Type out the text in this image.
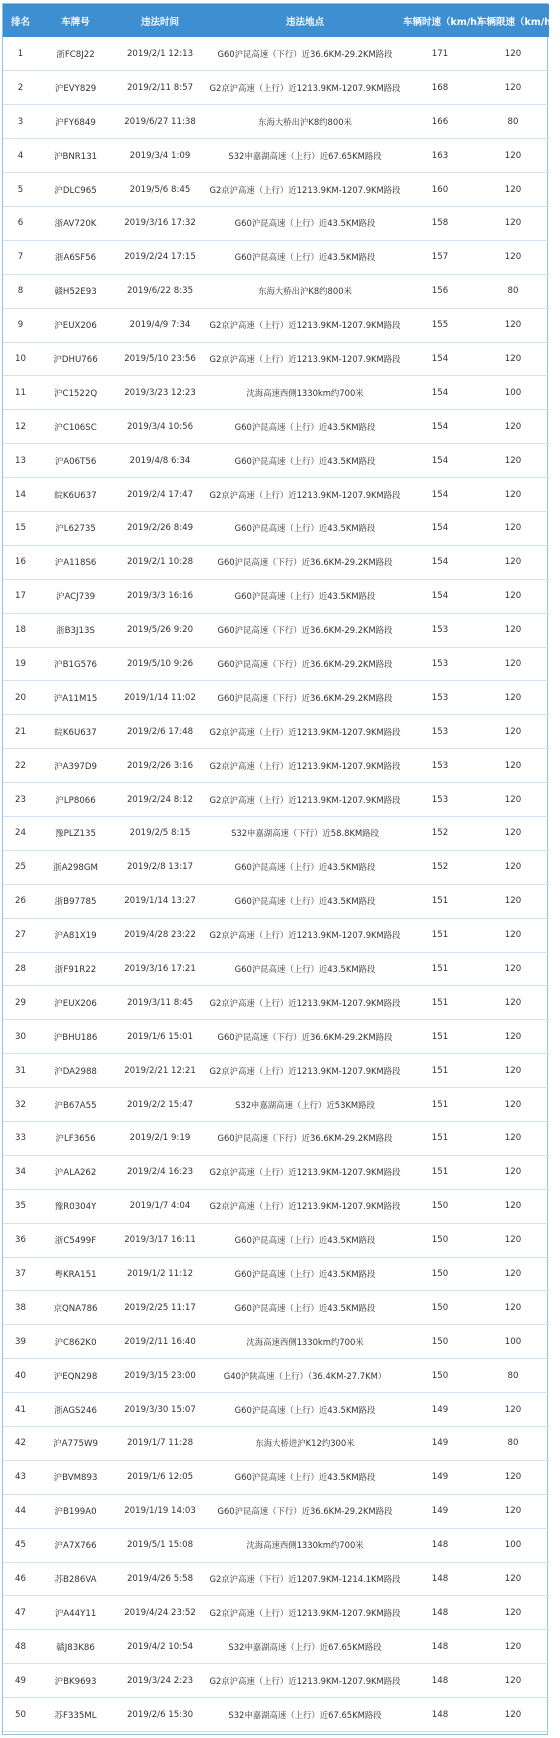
排名	车牌号	违法时间	违法地点	车辆时速（km/h）	车辆限速（km/h）
1	浙FC8J22	2019/2/1 12:13	G60沪昆高速（下行）近36.6KM-29.2KM路段	171	120
2	沪EVY829	2019/2/11 8:57	G2京沪高速（上行）近1213.9KM-1207.9KM路段	168	120
3	沪FY6849	2019/6/27 11:38	东海大桥出沪K8约800米	166	80
4	沪BNR131	2019/3/4 1:09	S32申嘉湖高速（上行）近67.65KM路段	163	120
5	沪DLC965	2019/5/6 8:45	G2京沪高速（上行）近1213.9KM-1207.9KM路段	160	120
6	浙AV720K	2019/3/16 17:32	G60沪昆高速（上行）近43.5KM路段	158	120
7	浙A6SF56	2019/2/24 17:15	G60沪昆高速（上行）近43.5KM路段	157	120
8	赣H52E93	2019/6/22 8:35	东海大桥出沪K8约800米	156	80
9	沪EUX206	2019/4/9 7:34	G2京沪高速（上行）近1213.9KM-1207.9KM路段	155	120
10	沪DHU766	2019/5/10 23:56	G2京沪高速（上行）近1213.9KM-1207.9KM路段	154	120
11	沪C1522Q	2019/3/23 12:23	沈海高速西侧1330km约700米	154	100
12	沪C106SC	2019/3/4 10:56	G60沪昆高速（上行）近43.5KM路段	154	120
13	沪A06T56	2019/4/8 6:34	G60沪昆高速（上行）近43.5KM路段	154	120
14	皖K6U637	2019/2/4 17:47	G2京沪高速（上行）近1213.9KM-1207.9KM路段	154	120
15	沪L62735	2019/2/26 8:49	G60沪昆高速（上行）近43.5KM路段	154	120
16	沪A118S6	2019/2/1 10:28	G60沪昆高速（下行）近36.6KM-29.2KM路段	154	120
17	沪ACJ739	2019/3/3 16:16	G60沪昆高速（上行）近43.5KM路段	154	120
18	浙B3J13S	2019/5/26 9:20	G60沪昆高速（下行）近36.6KM-29.2KM路段	153	120
19	沪B1G576	2019/5/10 9:26	G60沪昆高速（下行）近36.6KM-29.2KM路段	153	120
20	沪A11M15	2019/1/14 11:02	G60沪昆高速（下行）近36.6KM-29.2KM路段	153	120
21	皖K6U637	2019/2/6 17:48	G2京沪高速（上行）近1213.9KM-1207.9KM路段	153	120
22	沪A397D9	2019/2/26 3:16	G2京沪高速（上行）近1213.9KM-1207.9KM路段	153	120
23	沪LP8066	2019/2/24 8:12	G2京沪高速（上行）近1213.9KM-1207.9KM路段	153	120
24	豫PLZ135	2019/2/5 8:15	S32申嘉湖高速（下行）近58.8KM路段	152	120
25	浙A298GM	2019/2/8 13:17	G60沪昆高速（上行）近43.5KM路段	152	120
26	浙B97785	2019/1/14 13:27	G60沪昆高速（上行）近43.5KM路段	151	120
27	沪A81X19	2019/4/28 23:22	G2京沪高速（上行）近1213.9KM-1207.9KM路段	151	120
28	浙F91R22	2019/3/16 17:21	G60沪昆高速（上行）近43.5KM路段	151	120
29	沪EUX206	2019/3/11 8:45	G2京沪高速（上行）近1213.9KM-1207.9KM路段	151	120
30	沪BHU186	2019/1/6 15:01	G60沪昆高速（下行）近36.6KM-29.2KM路段	151	120
31	沪DA2988	2019/2/21 12:21	G2京沪高速（上行）近1213.9KM-1207.9KM路段	151	120
32	沪B67A55	2019/2/2 15:47	S32申嘉湖高速（上行）近53KM路段	151	120
33	沪LF3656	2019/2/1 9:19	G60沪昆高速（下行）近36.6KM-29.2KM路段	151	120
34	沪ALA262	2019/2/4 16:23	G2京沪高速（上行）近1213.9KM-1207.9KM路段	151	120
35	豫R0304Y	2019/1/7 4:04	G2京沪高速（上行）近1213.9KM-1207.9KM路段	150	120
36	浙C5499F	2019/3/17 16:11	G60沪昆高速（上行）近43.5KM路段	150	120
37	粤KRA151	2019/1/2 11:12	G60沪昆高速（上行）近43.5KM路段	150	120
38	京QNA786	2019/2/25 11:17	G60沪昆高速（上行）近43.5KM路段	150	120
39	沪C862K0	2019/2/11 16:40	沈海高速西侧1330km约700米	150	100
40	沪EQN298	2019/3/15 23:00	G40沪陕高速（上行）（36.4KM-27.7KM）	150	80
41	浙AGS246	2019/3/30 15:07	G60沪昆高速（上行）近43.5KM路段	149	120
42	沪A775W9	2019/1/7 11:28	东海大桥进沪K12约300米	149	80
43	沪BVM893	2019/1/6 12:05	G60沪昆高速（上行）近43.5KM路段	149	120
44	沪B199A0	2019/1/19 14:03	G60沪昆高速（下行）近36.6KM-29.2KM路段	149	120
45	沪A7X766	2019/5/1 15:08	沈海高速西侧1330km约700米	148	100
46	苏B286VA	2019/4/26 5:58	G2京沪高速（下行）近1207.9KM-1214.1KM路段	148	120
47	沪A44Y11	2019/4/24 23:52	G2京沪高速（上行）近1213.9KM-1207.9KM路段	148	120
48	赣J83K86	2019/4/2 10:54	S32申嘉湖高速（上行）近67.65KM路段	148	120
49	沪BK9693	2019/3/24 2:23	G2京沪高速（上行）近1213.9KM-1207.9KM路段	148	120
50	苏F335ML	2019/2/6 15:30	S32申嘉湖高速（上行）近67.65KM路段	148	120
